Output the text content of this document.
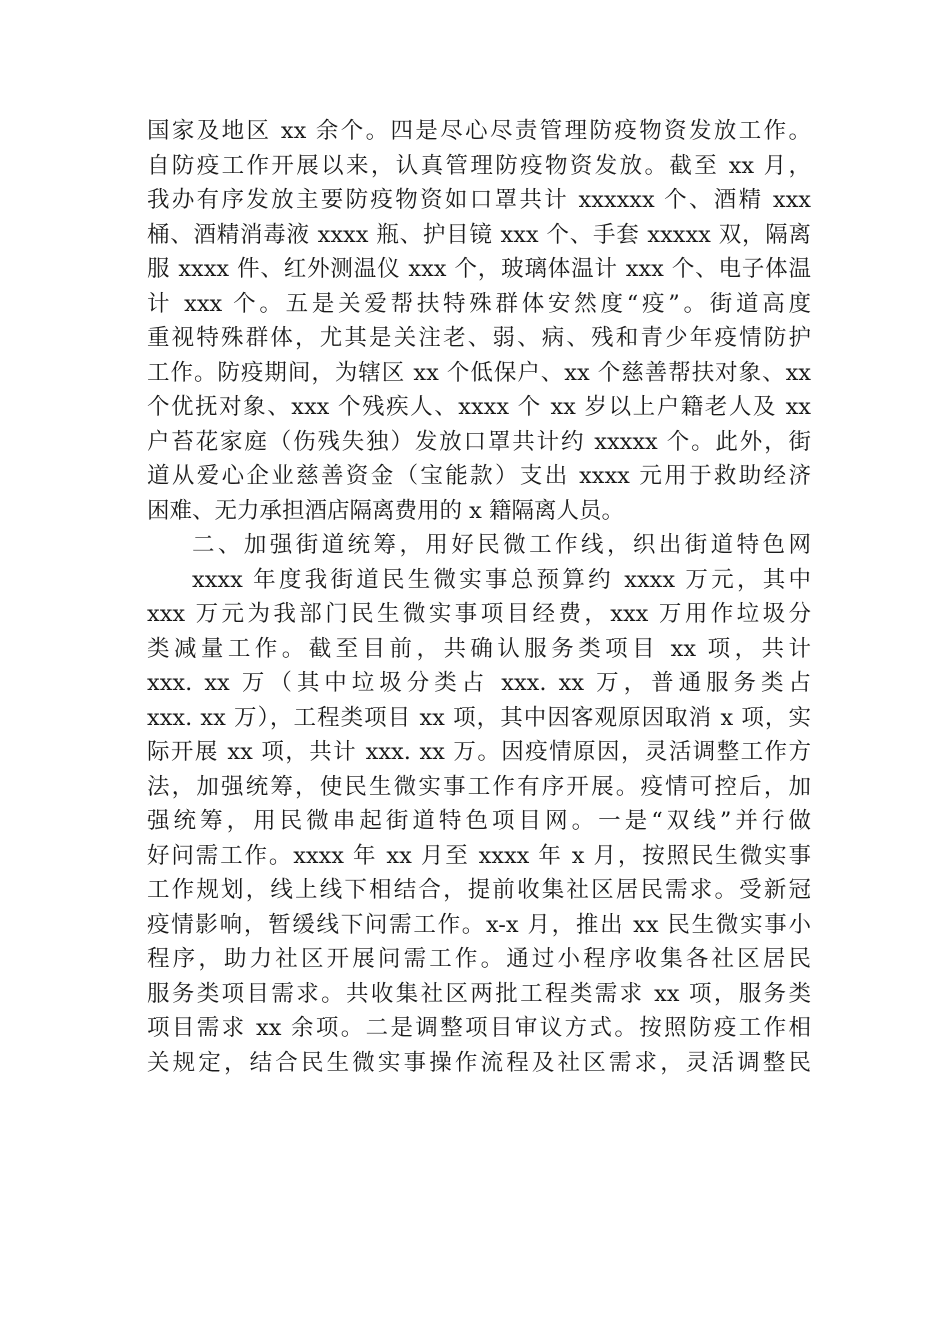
国家及地区 xx 余个。四是尽心尽责管理防疫物资发放工作。
自防疫工作开展以来，认真管理防疫物资发放。截至 xx 月，
我办有序发放主要防疫物资如口罩共计 xxxxxx 个、酒精 xxx
桶、酒精消毒液 xxxx 瓶、护目镜 xxx 个、手套 xxxxx 双，隔离
服 xxxx 件、红外测温仪 xxx 个，玻璃体温计 xxx 个、电子体温
计 xxx 个。五是关爱帮扶特殊群体安然度“疫”。街道高度
重视特殊群体，尤其是关注老、弱、病、残和青少年疫情防护
工作。防疫期间，为辖区 xx 个低保户、xx 个慈善帮扶对象、xx
个优抚对象、xxx 个残疾人、xxxx 个 xx 岁以上户籍老人及 xx
户苔花家庭（伤残失独）发放口罩共计约 xxxxx 个。此外，街
道从爱心企业慈善资金（宝能款）支出 xxxx 元用于救助经济
困难、无力承担酒店隔离费用的 x 籍隔离人员。
二、加强街道统筹，用好民微工作线，织出街道特色网
xxxx 年度我街道民生微实事总预算约 xxxx 万元，其中
xxx 万元为我部门民生微实事项目经费，xxx 万用作垃圾分
类减量工作。截至目前，共确认服务类项目 xx 项，共计
xxx. xx 万（其中垃圾分类占 xxx. xx 万，普通服务类占
xxx. xx 万），工程类项目 xx 项，其中因客观原因取消 x 项，实
际开展 xx 项，共计 xxx. xx 万。因疫情原因，灵活调整工作方
法，加强统筹，使民生微实事工作有序开展。疫情可控后，加
强统筹，用民微串起街道特色项目网。一是“双线”并行做
好问需工作。xxxx 年 xx 月至 xxxx 年 x 月，按照民生微实事
工作规划，线上线下相结合，提前收集社区居民需求。受新冠
疫情影响，暂缓线下问需工作。x-x 月，推出 xx 民生微实事小
程序，助力社区开展问需工作。通过小程序收集各社区居民
服务类项目需求。共收集社区两批工程类需求 xx 项，服务类
项目需求 xx 余项。二是调整项目审议方式。按照防疫工作相
关规定，结合民生微实事操作流程及社区需求，灵活调整民
